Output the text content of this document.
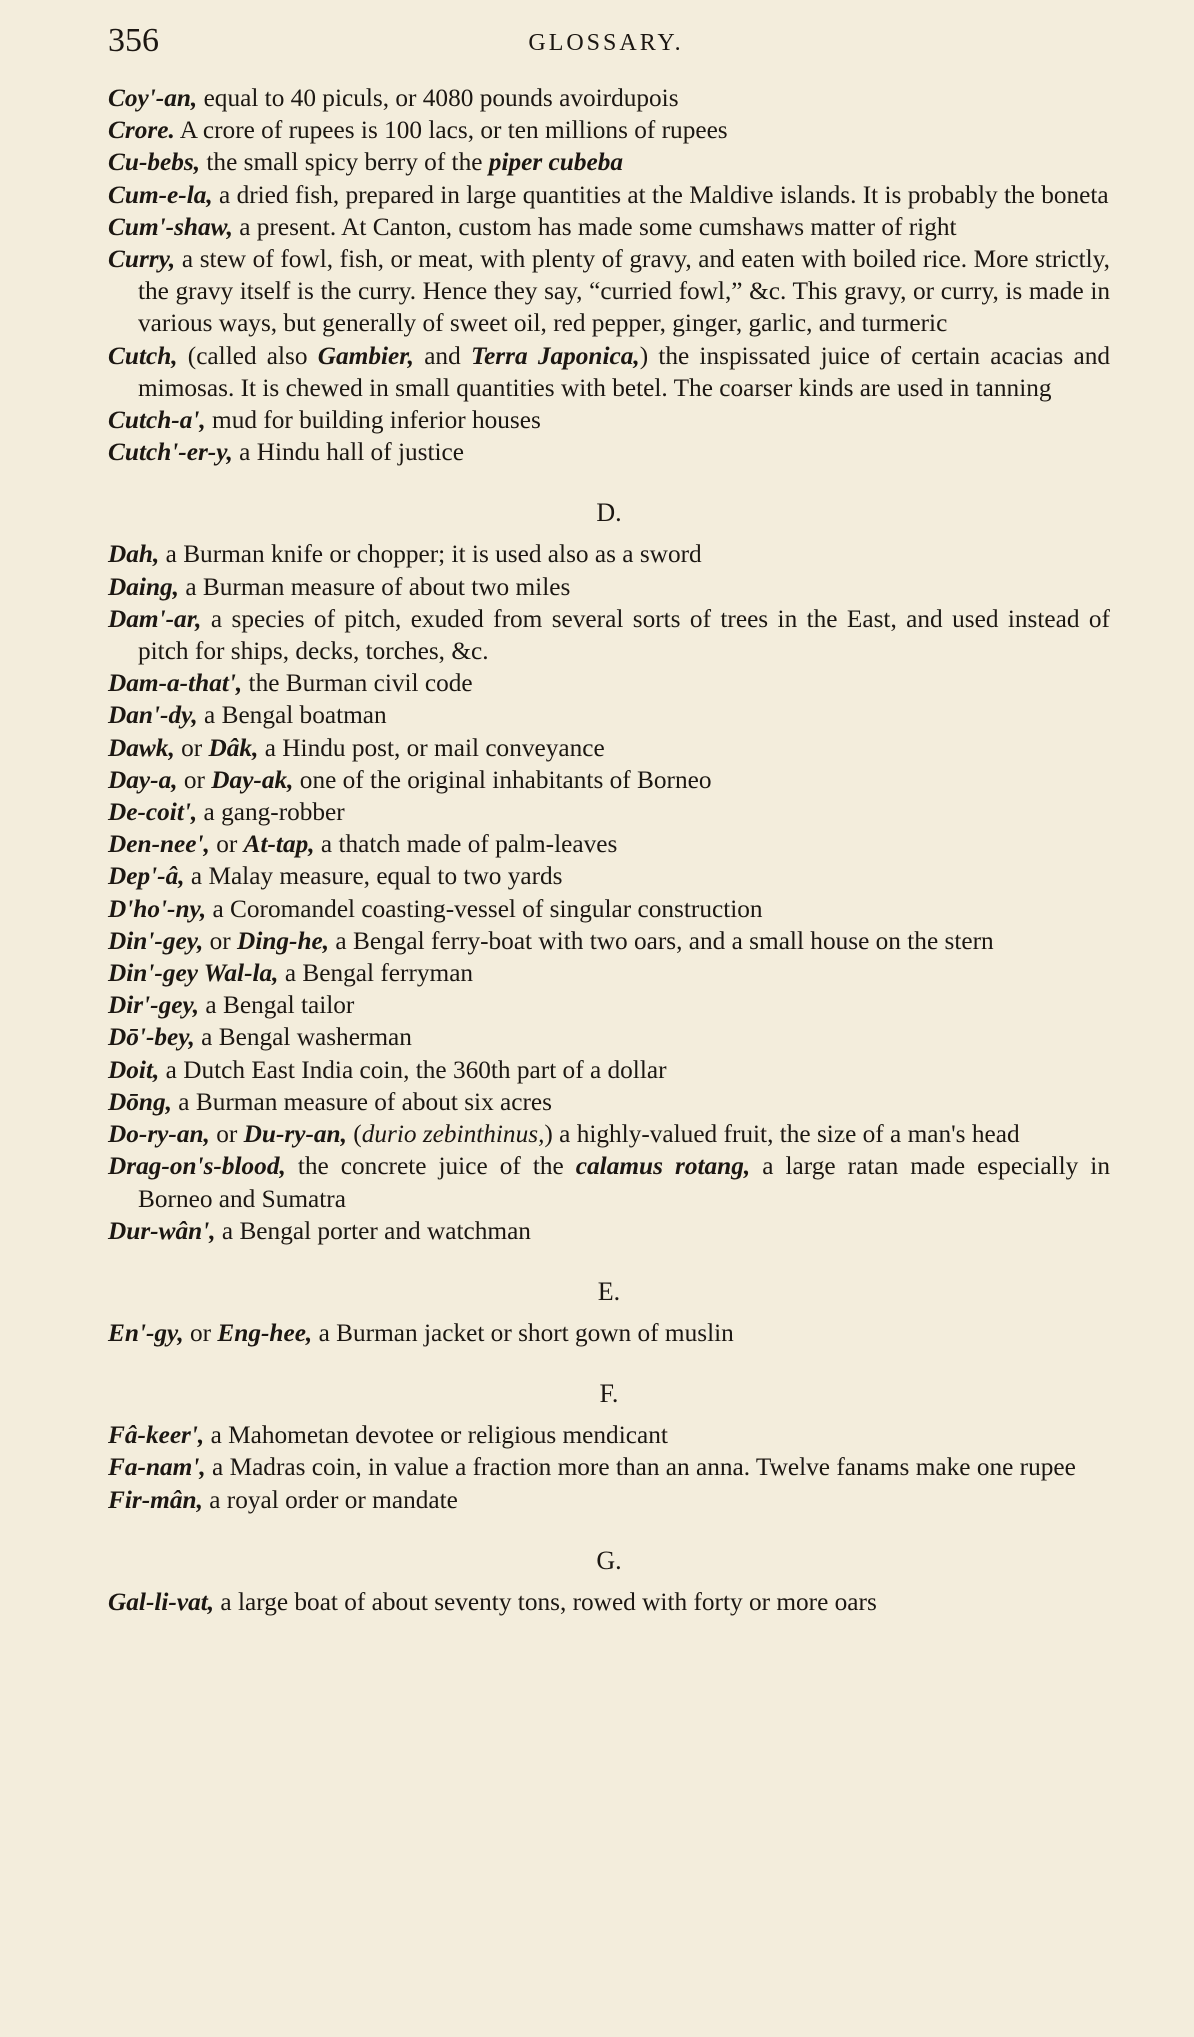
356	GLOSSARY.
Coy'-an, equal to 40 piculs, or 4080 pounds avoirdupois
Crore. A crore of rupees is 100 lacs, or ten millions of rupees
Cu-bebs, the small spicy berry of the piper cubeba
Cum-e-la, a dried fish, prepared in large quantities at the Maldive islands. It is probably the boneta
Cum'-shaw, a present. At Canton, custom has made some cumshaws matter of right
Curry, a stew of fowl, fish, or meat, with plenty of gravy, and eaten with boiled rice. More strictly, the gravy itself is the curry. Hence they say, “curried fowl,” &c. This gravy, or curry, is made in various ways, but generally of sweet oil, red pepper, ginger, garlic, and turmeric
Cutch, (called also Gambier, and Terra Japonica,) the inspissated juice of certain acacias and mimosas. It is chewed in small quantities with betel. The coarser kinds are used in tanning
Cutch-a', mud for building inferior houses
Cutch'-er-y, a Hindu hall of justice
D.
Dah, a Burman knife or chopper; it is used also as a sword
Daing, a Burman measure of about two miles
Dam'-ar, a species of pitch, exuded from several sorts of trees in the East, and used instead of pitch for ships, decks, torches, &c.
Dam-a-that', the Burman civil code
Dan'-dy, a Bengal boatman
Dawk, or Dâk, a Hindu post, or mail conveyance
Day-a, or Day-ak, one of the original inhabitants of Borneo
De-coit', a gang-robber
Den-nee', or At-tap, a thatch made of palm-leaves
Dep'-â, a Malay measure, equal to two yards
D'ho'-ny, a Coromandel coasting-vessel of singular construction
Din'-gey, or Ding-he, a Bengal ferry-boat with two oars, and a small house on the stern
Din'-gey Wal-la, a Bengal ferryman
Dir'-gey, a Bengal tailor
Dō'-bey, a Bengal washerman
Doit, a Dutch East India coin, the 360th part of a dollar
Dōng, a Burman measure of about six acres
Do-ry-an, or Du-ry-an, (durio zebinthinus,) a highly-valued fruit, the size of a man's head
Drag-on's-blood, the concrete juice of the calamus rotang, a large ratan made especially in Borneo and Sumatra
Dur-wân', a Bengal porter and watchman
E.
En'-gy, or Eng-hee, a Burman jacket or short gown of muslin
F.
Fâ-keer', a Mahometan devotee or religious mendicant
Fa-nam', a Madras coin, in value a fraction more than an anna. Twelve fanams make one rupee
Fir-mân, a royal order or mandate
G.
Gal-li-vat, a large boat of about seventy tons, rowed with forty or more oars
